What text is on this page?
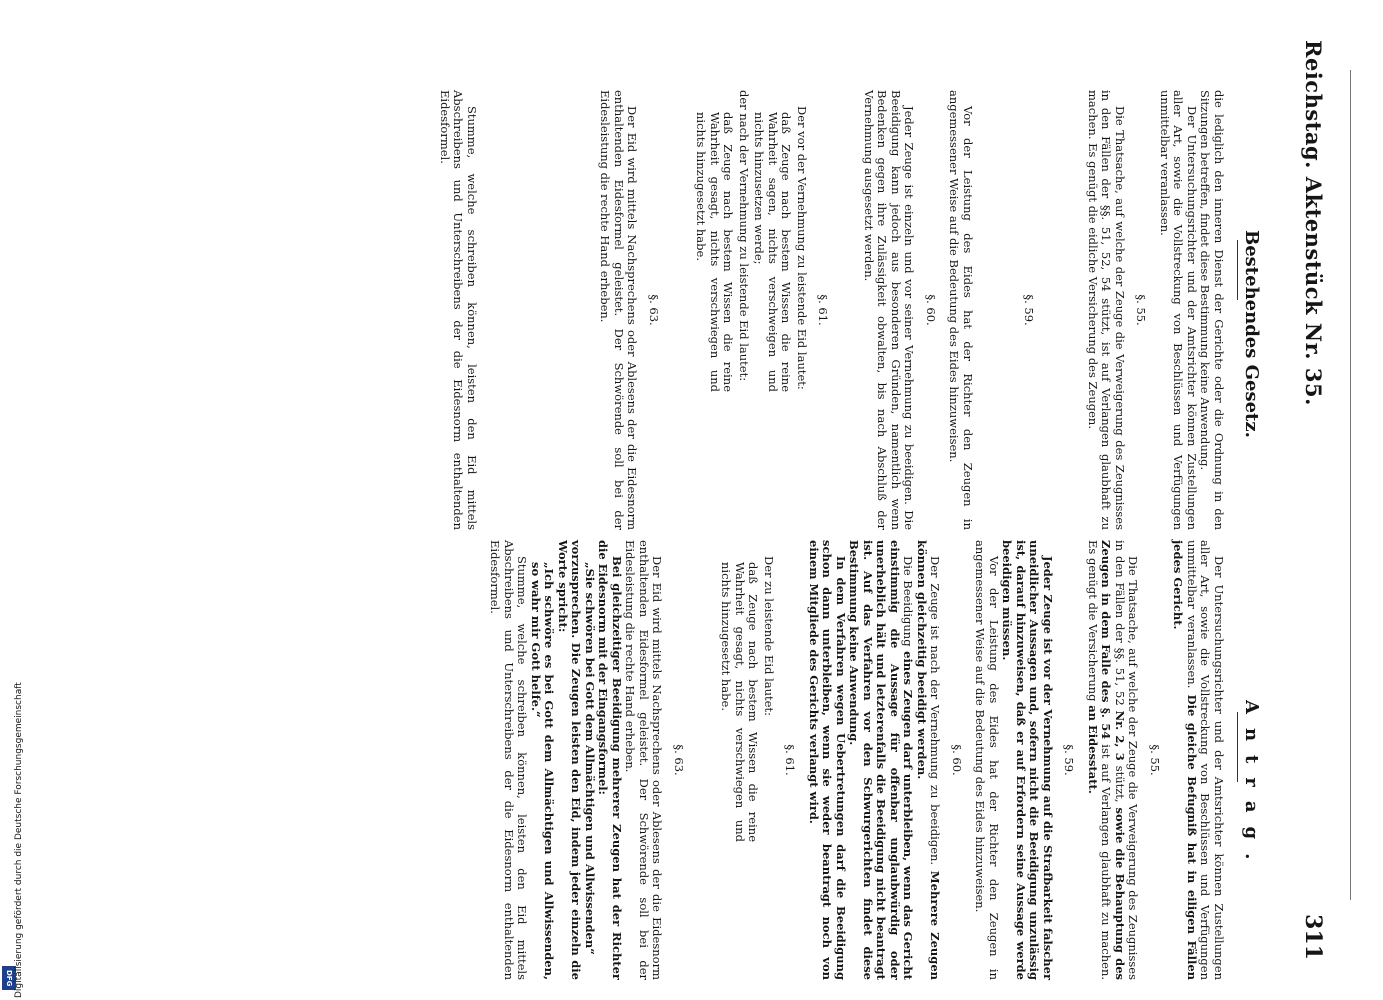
Reichstag. Aktenstück Nr. 35.
311
Bestehendes Gesetz.
Antrag.

die lediglich den inneren Dienst der Gerichte oder die Ordnung in den Sitzungen betreffen, findet diese Bestimmung keine Anwendung.

Der Untersuchungsrichter und der Amtsrichter können Zustellungen aller Art, sowie die Vollstreckung von Beschlüssen und Verfügungen unmittelbar veranlassen.

§. 55.

Die Thatsache, auf welche der Zeuge die Verweigerung des Zeugnisses in den Fällen der §§. 51, 52, 54 stützt, ist auf Verlangen glaubhaft zu machen. Es genügt die eidliche Versicherung des Zeugen.

§. 59.

Vor der Leistung des Eides hat der Richter den Zeugen in angemessener Weise auf die Bedeutung des Eides hinzuweisen.

§. 60.

Jeder Zeuge ist einzeln und vor seiner Vernehmung zu beeidigen. Die Beeidigung kann jedoch aus besonderen Gründen, namentlich wenn Bedenken gegen ihre Zulässigkeit obwalten, bis nach Abschluß der Vernehmung ausgesetzt werden.

§. 61.

Der vor der Vernehmung zu leistende Eid lautet:

daß Zeuge nach bestem Wissen die reine Wahrheit sagen, nichts verschweigen und nichts hinzusetzen werde;

der nach der Vernehmung zu leistende Eid lautet:

daß Zeuge nach bestem Wissen die reine Wahrheit gesagt, nichts verschwiegen und nichts hinzugesetzt habe.

§. 63.

Der Eid wird mittels Nachsprechens oder Ablesens der die Eidesnorm enthaltenden Eidesformel geleistet. Der Schwörende soll bei der Eidesleistung die rechte Hand erheben.

Stumme, welche schreiben können, leisten den Eid mittels Abschreibens und Unterschreibens der die Eidesnorm enthaltenden Eidesformel.

Der Untersuchungsrichter und der Amtsrichter können Zustellungen aller Art, sowie die Vollstreckung von Beschlüssen und Verfügungen unmittelbar veranlassen. Die gleiche Befugniß hat in eiligen Fällen jedes Gericht.

§. 55.

Die Thatsache, auf welche der Zeuge die Verweigerung des Zeugnisses in den Fällen der §§. 51, 52 Nr. 2, 3 stützt, sowie die Behauptung des Zeugen in dem Falle des §. 54 ist auf Verlangen glaubhaft zu machen. Es genügt die Versicherung an Eidesstatt.

§. 59.

Jeder Zeuge ist vor der Vernehmung auf die Strafbarkeit falscher uneidlicher Aussagen und, sofern nicht die Beeidigung unzulässig ist, darauf hinzuweisen, daß er auf Erfordern seine Aussage werde beeidigen müssen.

Vor der Leistung des Eides hat der Richter den Zeugen in angemessener Weise auf die Bedeutung des Eides hinzuweisen.

§. 60.

Der Zeuge ist nach der Vernehmung zu beeidigen. Mehrere Zeugen können gleichzeitig beeidigt werden.

Die Beeidigung eines Zeugen darf unterbleiben, wenn das Gericht einstimmig die Aussage für offenbar unglaubwürdig oder unerheblich hält und letzterenfalls die Beeidigung nicht beantragt ist. Auf das Verfahren vor den Schwurgerichten findet diese Bestimmung keine Anwendung.

In dem Verfahren wegen Uebertretungen darf die Beeidigung schon dann unterbleiben, wenn sie weder beantragt noch von einem Mitgliede des Gerichts verlangt wird.

§. 61.

Der zu leistende Eid lautet:

daß Zeuge nach bestem Wissen die reine Wahrheit gesagt, nichts verschwiegen und nichts hinzugesetzt habe.

§. 63.

Der Eid wird mittels Nachsprechens oder Ablesens der die Eidesnorm enthaltenden Eidesformel geleistet. Der Schwörende soll bei der Eidesleistung die rechte Hand erheben.

Bei gleichzeitiger Beeidigung mehrerer Zeugen hat der Richter die Eidesnorm mit der Eingangsformel:

„Sie schwören bei Gott dem Allmächtigen und Allwissenden“

vorzusprechen. Die Zeugen leisten den Eid, indem jeder einzeln die Worte spricht:

„Ich schwöre es bei Gott dem Allmächtigen und Allwissenden, so wahr mir Gott helfe.“

Stumme, welche schreiben können, leisten den Eid mittels Abschreibens und Unterschreibens der die Eidesnorm enthaltenden Eidesformel.

DFG Digitalisierung gefördert durch die Deutsche Forschungsgemeinschaft
